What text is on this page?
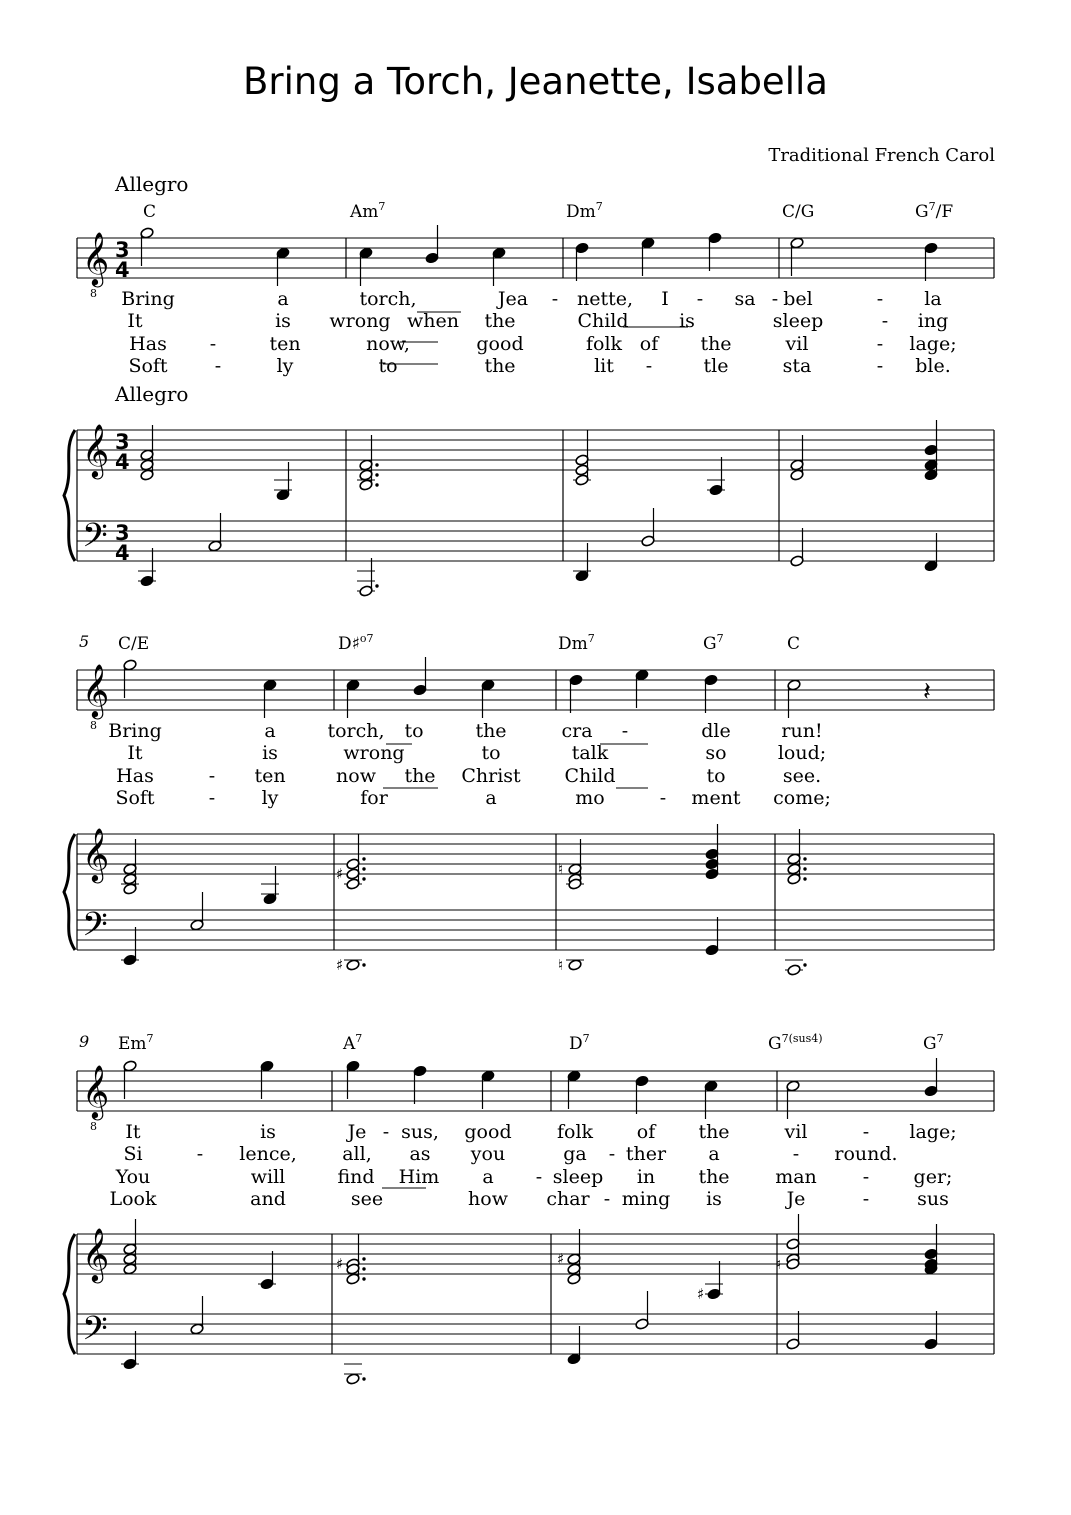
Bring a Torch, Jeanette, Isabella
Traditional French Carol
Allegro
Allegro
5
9
C	Am$^7$	Dm$^7$	C/G	$G^7/F$
C/E	D♯$^{o7}$	Dm$^7$	$G^7$	C
Em$^7$	$A^7$	$D^7$	$G^{7(sus4)}$	$G^7$
Bring	a	torch,	Jea - nette, I - sa - bel	- la
It	is wrong when the	Child	is	sleep	- ing
Has -	ten	now,	good	folk of the	vil	- lage;
Soft -	ly	to	the	lit -	tle	sta	- ble.
Bring	a	torch, to	the	cra -	dle	run!
It	is	wrong	to	talk	so	loud;
Has	- ten	now the Christ Child	to	see.
Soft	- ly	for	a	mo	- ment come;
It	is	Je - sus, good folk of the	vil	- lage;
Si	- lence, all, as you	ga - ther a	- round.
You	will	find Him a - sleep in the man - ger;
Look	and	see	how char - ming is	Je	-	sus
𝄞
8
𝄞
𝄢
3
4
3
4
3
4
𝄞
8
𝄞
𝄢
𝄞
8
𝄞
𝄢
𝄽
♯	♮
♯	♮
♯	♯
♯
♮
